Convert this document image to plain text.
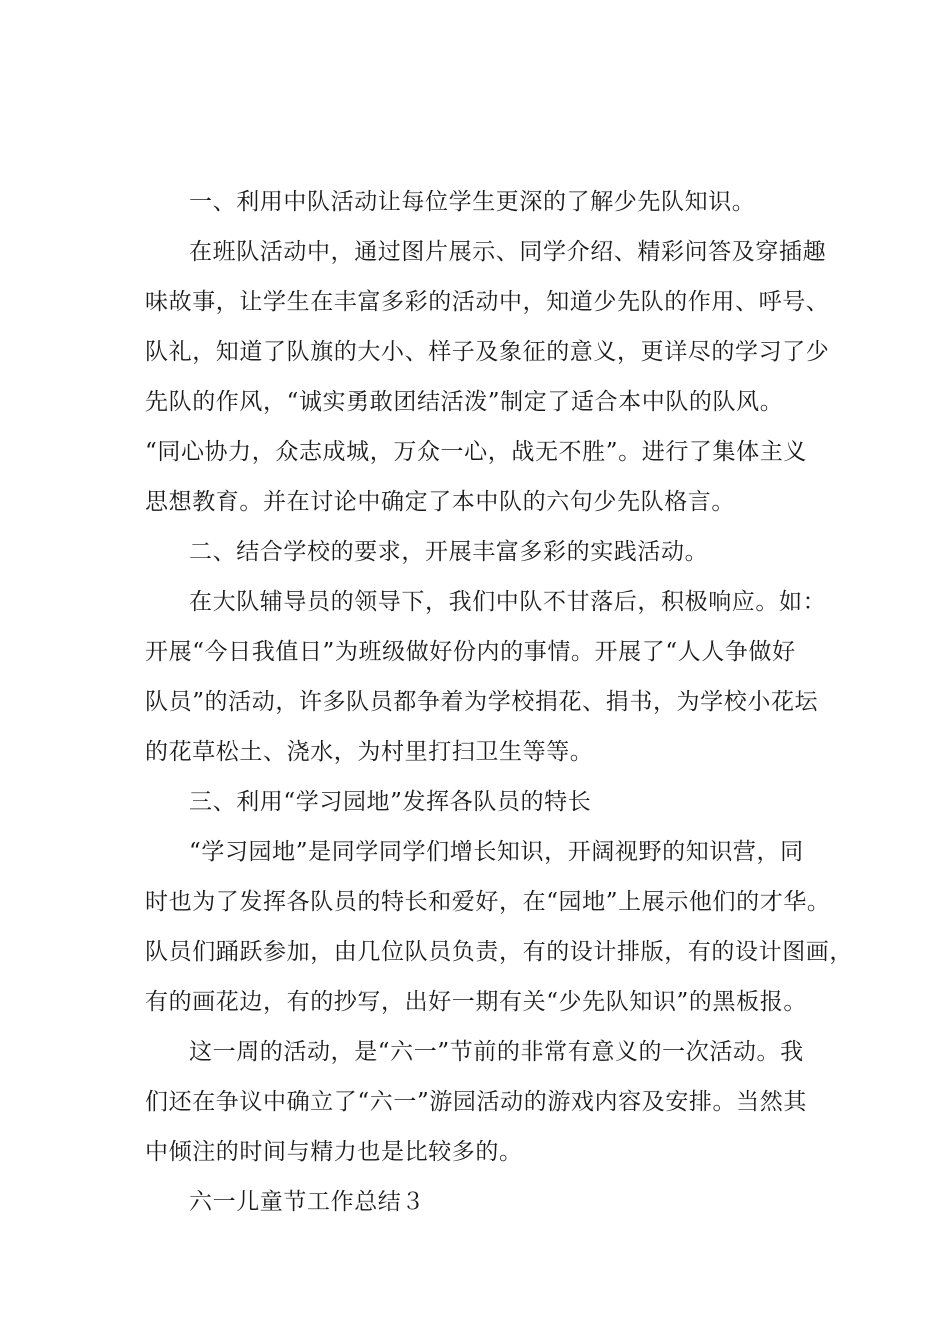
一、利用中队活动让每位学生更深的了解少先队知识。

在班队活动中，通过图片展示、同学介绍、精彩问答及穿插趣

味故事，让学生在丰富多彩的活动中，知道少先队的作用、呼号、

队礼，知道了队旗的大小、样子及象征的意义，更详尽的学习了少

先队的作风，“诚实勇敢团结活泼”制定了适合本中队的队风。

“同心协力，众志成城，万众一心，战无不胜”。进行了集体主义

思想教育。并在讨论中确定了本中队的六句少先队格言。

二、结合学校的要求，开展丰富多彩的实践活动。

在大队辅导员的领导下，我们中队不甘落后，积极响应。如：

开展“今日我值日”为班级做好份内的事情。开展了“人人争做好

队员”的活动，许多队员都争着为学校捐花、捐书，为学校小花坛

的花草松土、浇水，为村里打扫卫生等等。

三、利用“学习园地”发挥各队员的特长

“学习园地”是同学同学们增长知识，开阔视野的知识营，同

时也为了发挥各队员的特长和爱好，在“园地”上展示他们的才华。

队员们踊跃参加，由几位队员负责，有的设计排版，有的设计图画，

有的画花边，有的抄写，出好一期有关“少先队知识”的黑板报。

这一周的活动，是“六一”节前的非常有意义的一次活动。我

们还在争议中确立了“六一”游园活动的游戏内容及安排。当然其

中倾注的时间与精力也是比较多的。

六一儿童节工作总结３
